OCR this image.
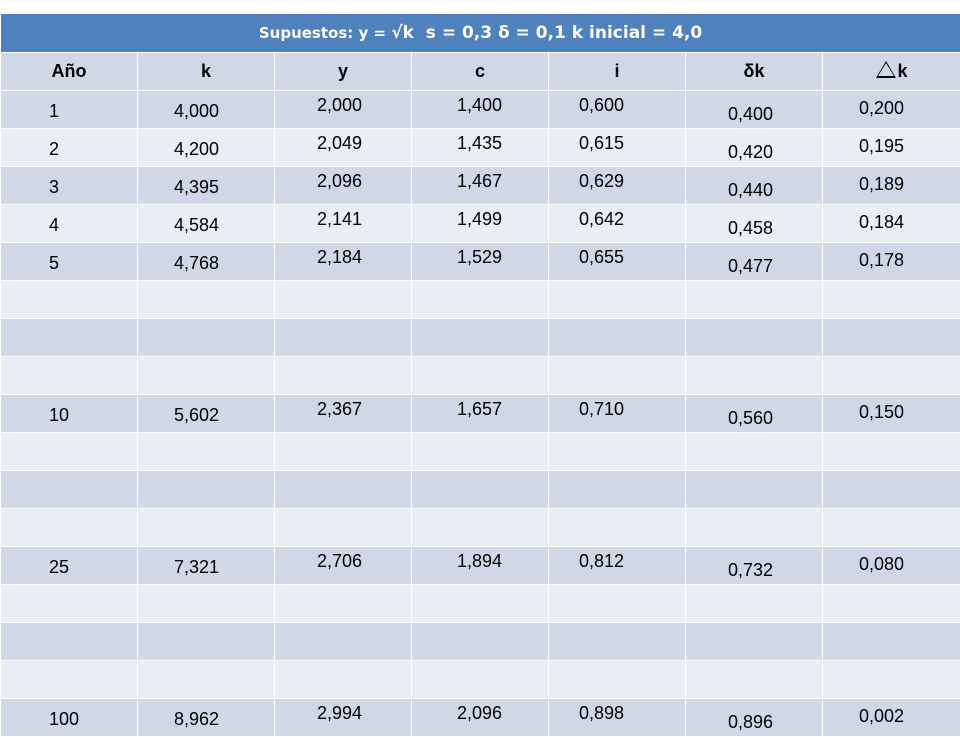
Supuestos: y = √k s = 0,3 δ = 0,1 k inicial = 4,0						
Año	k	y	c	i	δk	k

1	4,000	2,000	1,400	0,600	0,400	0,200

2	4,200	2,049	1,435	0,615	0,420	0,195

3	4,395	2,096	1,467	0,629	0,440	0,189

4	4,584	2,141	1,499	0,642	0,458	0,184

5	4,768	2,184	1,529	0,655	0,477	0,178

10	5,602	2,367	1,657	0,710	0,560	0,150

25	7,321	2,706	1,894	0,812	0,732	0,080

100	8,962	2,994	2,096	0,898	0,896	0,002
